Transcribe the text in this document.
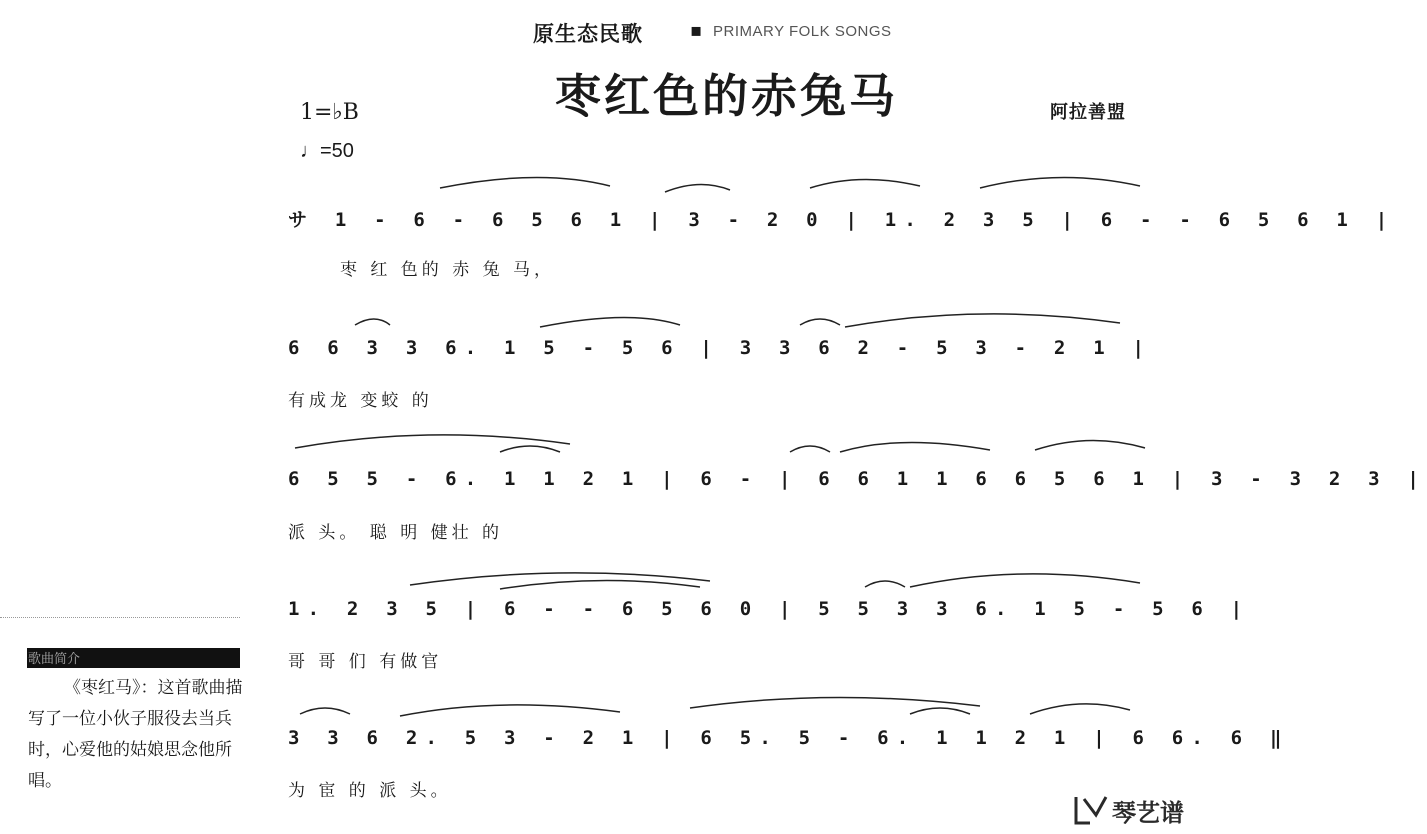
原生态民歌	▪ PRIMARY FOLK SONGS
枣红色的赤兔马	阿拉善盟
1=♭B
♩=50
サ 1 - 6 - 6 5 6 1 | 3 - 2 0 | 1. 2 3 5 | 6 - - 6 5 6 1 |
枣 红 色的 赤 兔 马，
6 6 3 3 6. 1 5 - 5 6 | 3 3 6 2 - 5 3 - 2 1 |
有成龙 变蛟 的
6 5 5 - 6. 1 1 2 1 | 6 - | 6 6 1 1 6 6 5 6 1 | 3 - 3 2 3 |
派 头。 聪 明 健壮 的
1. 2 3 5 | 6 - - 6 5 6 0 | 5 5 3 3 6. 1 5 - 5 6 |
哥 哥 们 有做官
3 3 6 2. 5 3 - 2 1 | 6 5. 5 - 6. 1 1 2 1 | 6 6. 6 ‖
为 宦 的 派 头。
歌曲简介
《枣红马》：这首歌曲描写了一位小伙子服役去当兵时，心爱他的姑娘思念他所唱。
琴艺谱
